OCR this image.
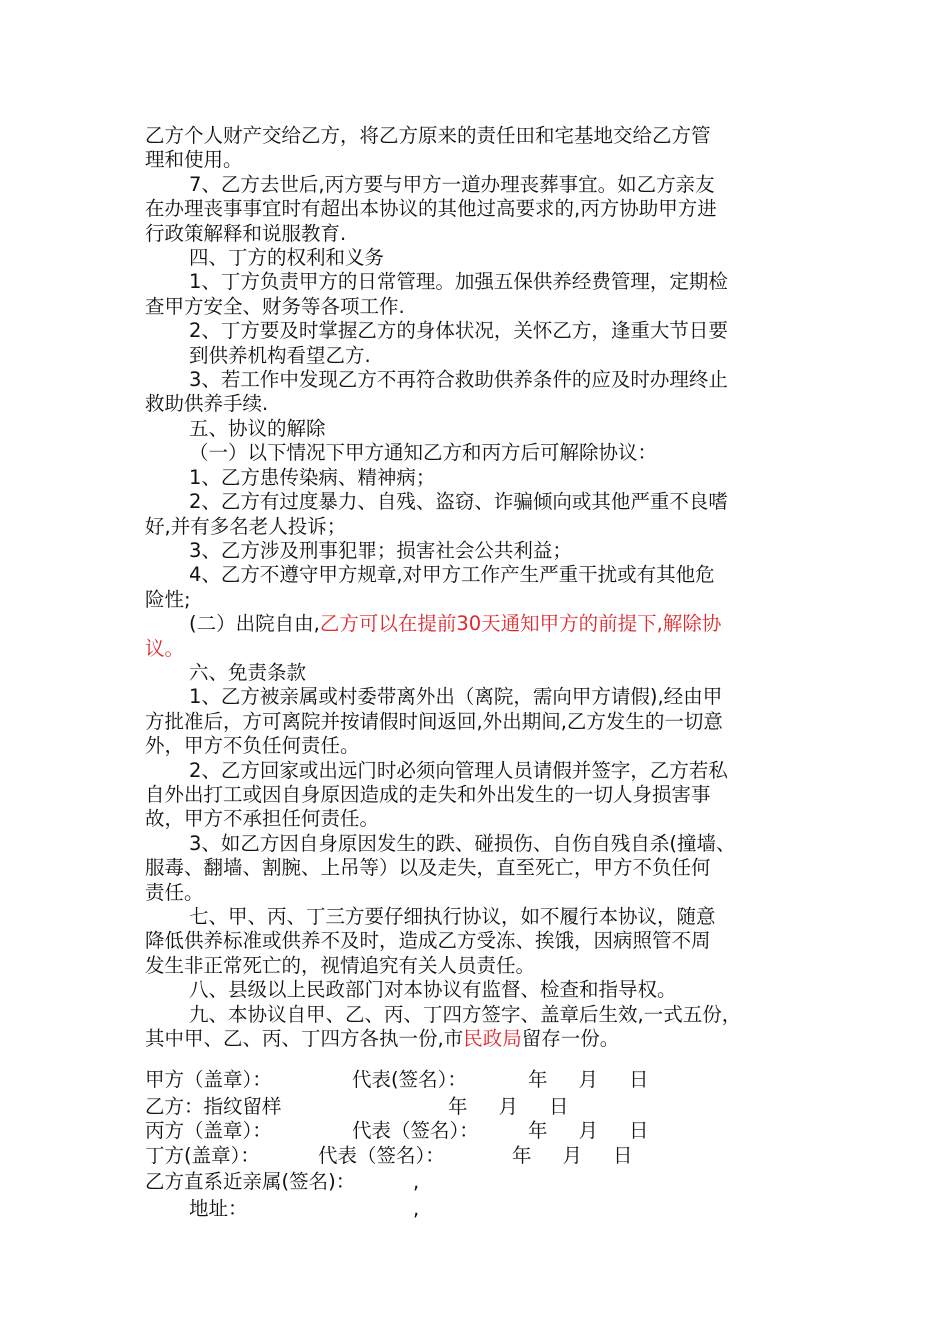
乙方个人财产交给乙方，将乙方原来的责任田和宅基地交给乙方管

理和使用。

7、乙方去世后,丙方要与甲方一道办理丧葬事宜。如乙方亲友

在办理丧事事宜时有超出本协议的其他过高要求的,丙方协助甲方进

行政策解释和说服教育.

四、丁方的权利和义务

1、丁方负责甲方的日常管理。加强五保供养经费管理，定期检

查甲方安全、财务等各项工作.

2、丁方要及时掌握乙方的身体状况，关怀乙方，逢重大节日要

到供养机构看望乙方.

3、若工作中发现乙方不再符合救助供养条件的应及时办理终止

救助供养手续.

五、协议的解除

（一）以下情况下甲方通知乙方和丙方后可解除协议：

1、乙方患传染病、精神病；

2、乙方有过度暴力、自残、盗窃、诈骗倾向或其他严重不良嗜

好,并有多名老人投诉；

3、乙方涉及刑事犯罪；损害社会公共利益；

4、乙方不遵守甲方规章,对甲方工作产生严重干扰或有其他危

险性;

(二）出院自由,乙方可以在提前30天通知甲方的前提下,解除协

议。

六、免责条款

1、乙方被亲属或村委带离外出（离院，需向甲方请假),经由甲

方批准后，方可离院并按请假时间返回,外出期间,乙方发生的一切意

外，甲方不负任何责任。

2、乙方回家或出远门时必须向管理人员请假并签字，乙方若私

自外出打工或因自身原因造成的走失和外出发生的一切人身损害事

故，甲方不承担任何责任。

3、如乙方因自身原因发生的跌、碰损伤、自伤自残自杀(撞墙、

服毒、翻墙、割腕、上吊等）以及走失，直至死亡，甲方不负任何

责任。

七、甲、丙、丁三方要仔细执行协议，如不履行本协议，随意

降低供养标准或供养不及时，造成乙方受冻、挨饿，因病照管不周

发生非正常死亡的，视情追究有关人员责任。

八、县级以上民政部门对本协议有监督、检查和指导权。

九、本协议自甲、乙、丙、丁四方签字、盖章后生效,一式五份，

其中甲、乙、丙、丁四方各执一份,市民政局留存一份。

甲方（盖章）：	代表(签名）：	年     月     日
乙方：指纹留样	年     月     日
丙方（盖章）：	代表（签名）：	年     月     日
丁方(盖章）：	代表（签名）：	年     月     日
乙方直系近亲属(签名)：	,
地址：	,
